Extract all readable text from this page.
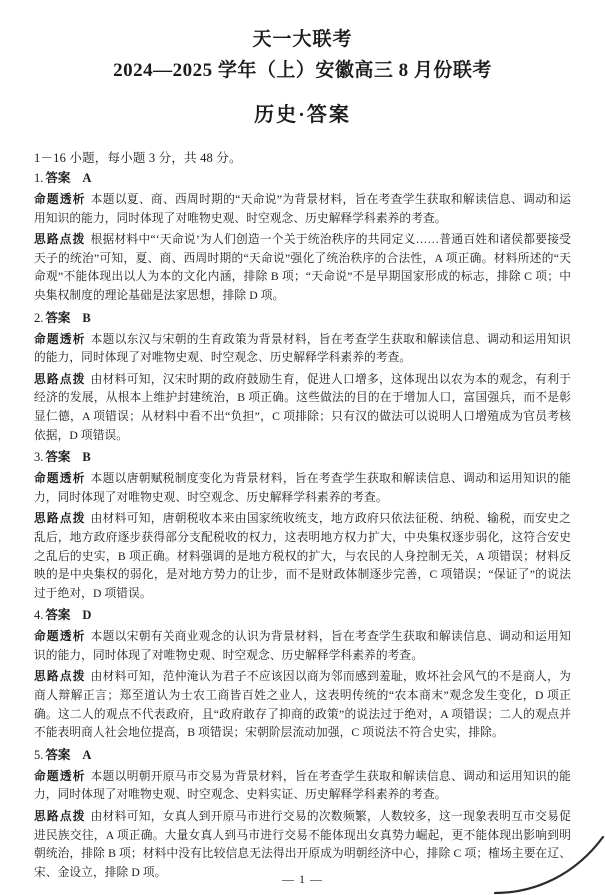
天一大联考
2024—2025 学年（上）安徽高三 8 月份联考
历史·答案
1－16 小题，每小题 3 分，共 48 分。
1. 答案 A
命题透析 本题以夏、商、西周时期的“天命说”为背景材料，旨在考查学生获取和解读信息、调动和运用知识的能力，同时体现了对唯物史观、时空观念、历史解释学科素养的考查。
思路点拨 根据材料中“‘天命说’为人们创造一个关于统治秩序的共同定义……普通百姓和诸侯都要接受天子的统治”可知，夏、商、西周时期的“天命说”强化了统治秩序的合法性，A 项正确。材料所述的“天命观”不能体现出以人为本的文化内涵，排除 B 项；“天命说”不是早期国家形成的标志，排除 C 项；中央集权制度的理论基础是法家思想，排除 D 项。
2. 答案 B
命题透析 本题以东汉与宋朝的生育政策为背景材料，旨在考查学生获取和解读信息、调动和运用知识的能力，同时体现了对唯物史观、时空观念、历史解释学科素养的考查。
思路点拨 由材料可知，汉宋时期的政府鼓励生育，促进人口增多，这体现出以农为本的观念，有利于经济的发展，从根本上维护封建统治，B 项正确。这些做法的目的在于增加人口，富国强兵，而不是彰显仁德，A 项错误；从材料中看不出“负担”，C 项排除；只有汉的做法可以说明人口增殖成为官员考核依据，D 项错误。
3. 答案 B
命题透析 本题以唐朝赋税制度变化为背景材料，旨在考查学生获取和解读信息、调动和运用知识的能力，同时体现了对唯物史观、时空观念、历史解释学科素养的考查。
思路点拨 由材料可知，唐朝税收本来由国家统收统支，地方政府只依法征税、纳税、输税，而安史之乱后，地方政府逐步获得部分支配税收的权力，这表明地方权力扩大，中央集权逐步弱化，这符合安史之乱后的史实，B 项正确。材料强调的是地方税权的扩大，与农民的人身控制无关，A 项错误；材料反映的是中央集权的弱化，是对地方势力的让步，而不是财政体制逐步完善，C 项错误；“保证了”的说法过于绝对，D 项错误。
4. 答案 D
命题透析 本题以宋朝有关商业观念的认识为背景材料，旨在考查学生获取和解读信息、调动和运用知识的能力，同时体现了对唯物史观、时空观念、历史解释学科素养的考查。
思路点拨 由材料可知，范仲淹认为君子不应该因以商为邻而感到羞耻，败坏社会风气的不是商人，为商人辩解正言；郑至道认为士农工商皆百姓之业人，这表明传统的“农本商末”观念发生变化，D 项正确。这二人的观点不代表政府，且“政府敢存了抑商的政策”的说法过于绝对，A 项错误；二人的观点并不能表明商人社会地位提高，B 项错误；宋朝阶层流动加强，C 项说法不符合史实，排除。
5. 答案 A
命题透析 本题以明朝开原马市交易为背景材料，旨在考查学生获取和解读信息、调动和运用知识的能力，同时体现了对唯物史观、时空观念、史料实证、历史解释学科素养的考查。
思路点拨 由材料可知，女真人到开原马市进行交易的次数频繁，人数较多，这一现象表明互市交易促进民族交往，A 项正确。大量女真人到马市进行交易不能体现出女真势力崛起，更不能体现出影响到明朝统治，排除 B 项；材料中没有比较信息无法得出开原成为明朝经济中心，排除 C 项；榷场主要在辽、宋、金设立，排除 D 项。	— 1 —
